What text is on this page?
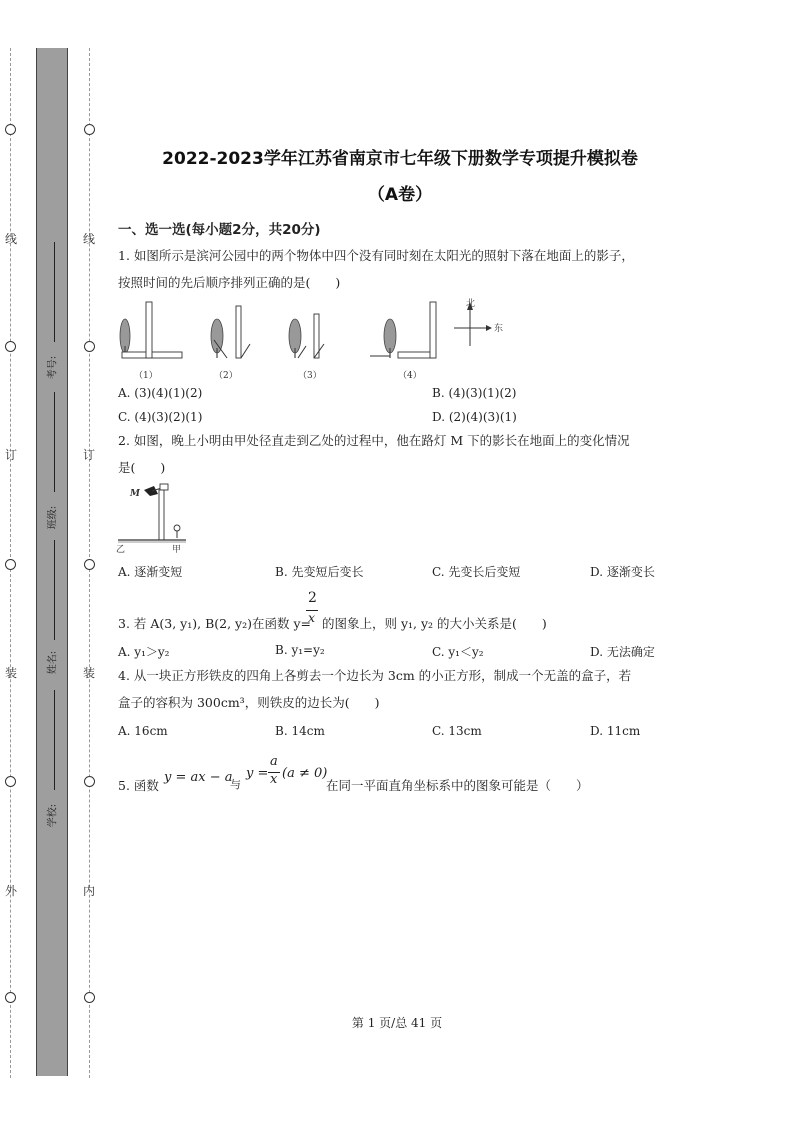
线
订
装
外
线
订
装
内
考号:
班级:
姓名:
学校:
2022-2023学年江苏省南京市七年级下册数学专项提升模拟卷
（A卷）
一、选一选(每小题2分，共20分)
1. 如图所示是滨河公园中的两个物体中四个没有同时刻在太阳光的照射下落在地面上的影子，
按照时间的先后顺序排列正确的是(　　)
（1）	（2）	（3）	（4）
北
东
A. (3)(4)(1)(2)	B. (4)(3)(1)(2)
C. (4)(3)(2)(1)	D. (2)(4)(3)(1)
2. 如图，晚上小明由甲处径直走到乙处的过程中，他在路灯 M 下的影长在地面上的变化情况
是(　　)
M
乙	甲
A. 逐渐变短	B. 先变短后变长	C. 先变长后变短	D. 逐渐变长
3. 若 A(3, y₁), B(2, y₂)在函数 y=
2
x 的图象上，则 y₁, y₂ 的大小关系是(　　)
A. y₁＞y₂	B. y₁=y₂	C. y₁＜y₂	D. 无法确定
4. 从一块正方形铁皮的四角上各剪去一个边长为 3cm 的小正方形，制成一个无盖的盒子，若
盒子的容积为 300cm³，则铁皮的边长为(　　)
A. 16cm	B. 14cm	C. 13cm	D. 11cm
5. 函数
y = ax − a
与
y =
a
x (a ≠ 0)
在同一平面直角坐标系中的图象可能是（　　）
第 1 页/总 41 页
